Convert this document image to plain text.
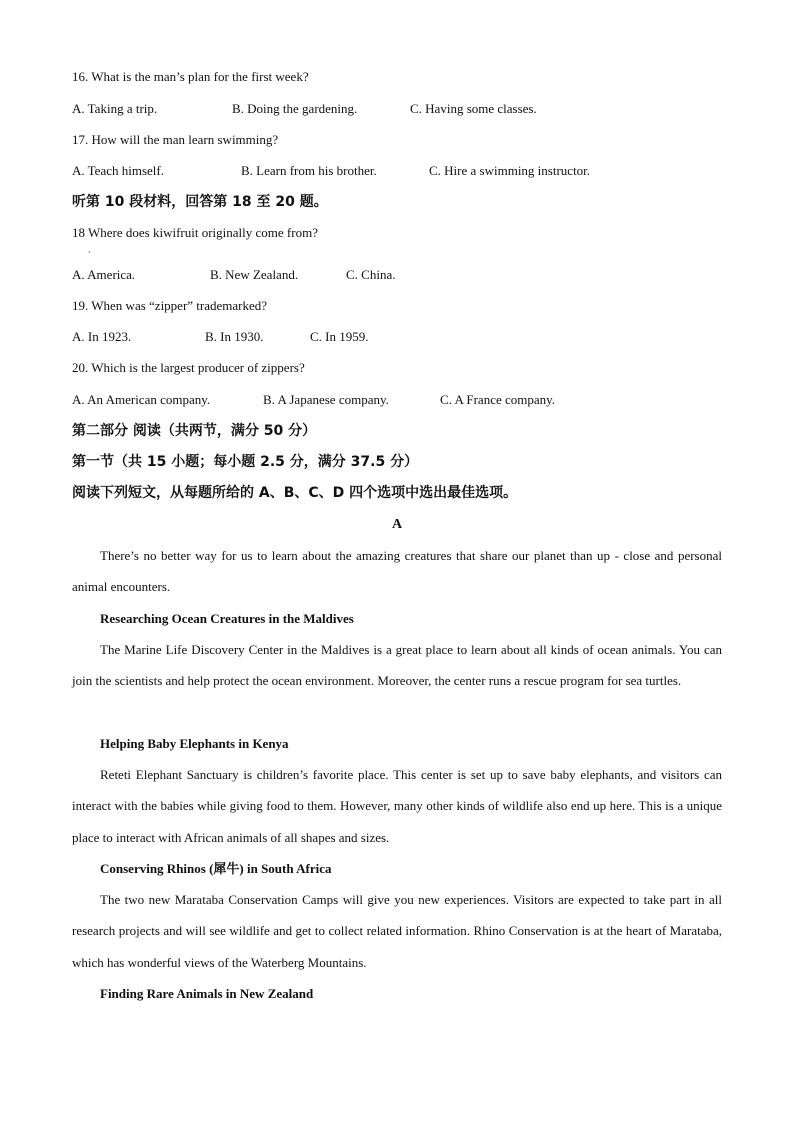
16. What is the man’s plan for the first week?
A. Taking a trip.	B. Doing the gardening.	C. Having some classes.
17. How will the man learn swimming?
A. Teach himself.	B. Learn from his brother.	C. Hire a swimming instructor.
听第 10 段材料，回答第 18 至 20 题。
18 Where does kiwifruit originally come from?
ˎ
A. America.	B. New Zealand.	C. China.
19. When was “zipper” trademarked?
A. In 1923.	B. In 1930.	C. In 1959.
20. Which is the largest producer of zippers?
A. An American company.	B. A Japanese company.	C. A France company.
第二部分 阅读（共两节，满分 50 分）
第一节（共 15 小题；每小题 2.5 分，满分 37.5 分）
阅读下列短文，从每题所给的 A、B、C、D 四个选项中选出最佳选项。
A
There’s no better way for us to learn about the amazing creatures that share our planet than up - close and personal animal encounters.
Researching Ocean Creatures in the Maldives
The Marine Life Discovery Center in the Maldives is a great place to learn about all kinds of ocean animals. You can join the scientists and help protect the ocean environment. Moreover, the center runs a rescue program for sea turtles.
Helping Baby Elephants in Kenya
Reteti Elephant Sanctuary is children’s favorite place. This center is set up to save baby elephants, and visitors can interact with the babies while giving food to them. However, many other kinds of wildlife also end up here. This is a unique place to interact with African animals of all shapes and sizes.
Conserving Rhinos (犀牛) in South Africa
The two new Marataba Conservation Camps will give you new experiences. Visitors are expected to take part in all research projects and will see wildlife and get to collect related information. Rhino Conservation is at the heart of Marataba, which has wonderful views of the Waterberg Mountains.
Finding Rare Animals in New Zealand
